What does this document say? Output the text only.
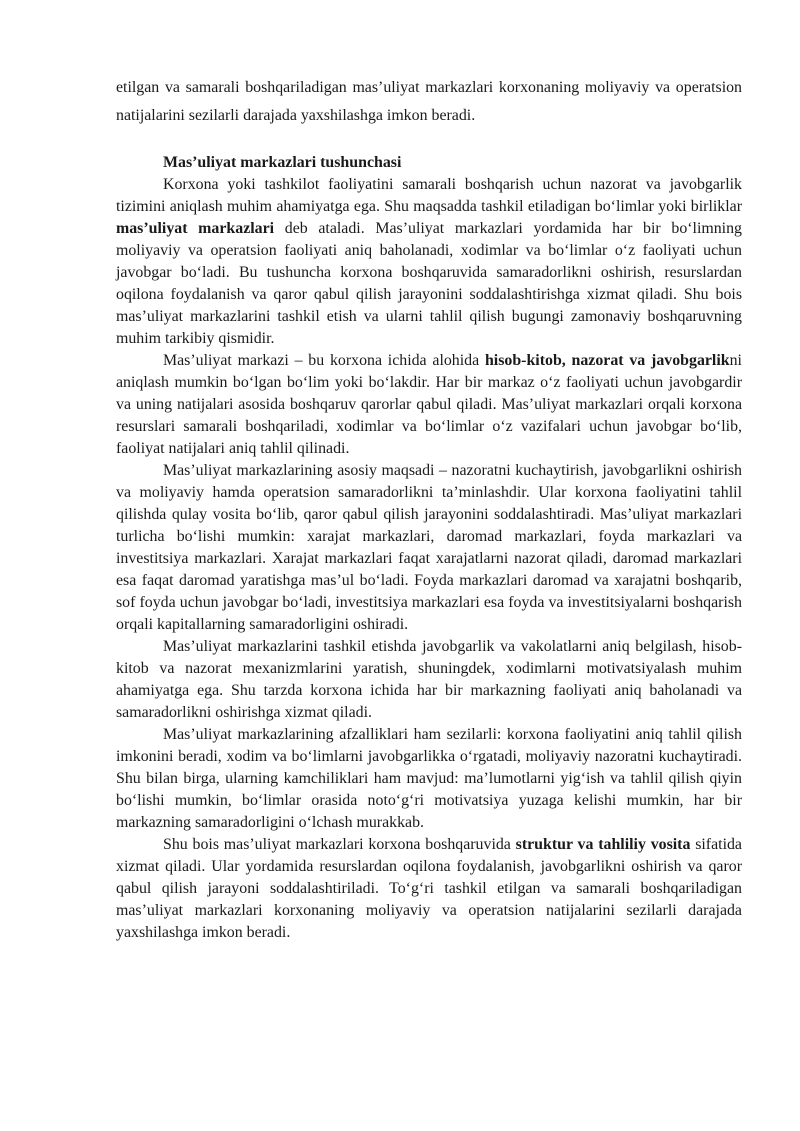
etilgan va samarali boshqariladigan mas’uliyat markazlari korxonaning moliyaviy va operatsion natijalarini sezilarli darajada yaxshilashga imkon beradi.

Mas’uliyat markazlari tushunchasi

Korxona yoki tashkilot faoliyatini samarali boshqarish uchun nazorat va javobgarlik tizimini aniqlash muhim ahamiyatga ega. Shu maqsadda tashkil etiladigan bo‘limlar yoki birliklar mas’uliyat markazlari deb ataladi. Mas’uliyat markazlari yordamida har bir bo‘limning moliyaviy va operatsion faoliyati aniq baholanadi, xodimlar va bo‘limlar o‘z faoliyati uchun javobgar bo‘ladi. Bu tushuncha korxona boshqaruvida samaradorlikni oshirish, resurslardan oqilona foydalanish va qaror qabul qilish jarayonini soddalashtirishga xizmat qiladi. Shu bois mas’uliyat markazlarini tashkil etish va ularni tahlil qilish bugungi zamonaviy boshqaruvning muhim tarkibiy qismidir.

Mas’uliyat markazi – bu korxona ichida alohida hisob-kitob, nazorat va javobgarlikni aniqlash mumkin bo‘lgan bo‘lim yoki bo‘lakdir. Har bir markaz o‘z faoliyati uchun javobgardir va uning natijalari asosida boshqaruv qarorlar qabul qiladi. Mas’uliyat markazlari orqali korxona resurslari samarali boshqariladi, xodimlar va bo‘limlar o‘z vazifalari uchun javobgar bo‘lib, faoliyat natijalari aniq tahlil qilinadi.

Mas’uliyat markazlarining asosiy maqsadi – nazoratni kuchaytirish, javobgarlikni oshirish va moliyaviy hamda operatsion samaradorlikni ta’minlashdir. Ular korxona faoliyatini tahlil qilishda qulay vosita bo‘lib, qaror qabul qilish jarayonini soddalashtiradi. Mas’uliyat markazlari turlicha bo‘lishi mumkin: xarajat markazlari, daromad markazlari, foyda markazlari va investitsiya markazlari. Xarajat markazlari faqat xarajatlarni nazorat qiladi, daromad markazlari esa faqat daromad yaratishga mas’ul bo‘ladi. Foyda markazlari daromad va xarajatni boshqarib, sof foyda uchun javobgar bo‘ladi, investitsiya markazlari esa foyda va investitsiyalarni boshqarish orqali kapitallarning samaradorligini oshiradi.

Mas’uliyat markazlarini tashkil etishda javobgarlik va vakolatlarni aniq belgilash, hisob-kitob va nazorat mexanizmlarini yaratish, shuningdek, xodimlarni motivatsiyalash muhim ahamiyatga ega. Shu tarzda korxona ichida har bir markazning faoliyati aniq baholanadi va samaradorlikni oshirishga xizmat qiladi.

Mas’uliyat markazlarining afzalliklari ham sezilarli: korxona faoliyatini aniq tahlil qilish imkonini beradi, xodim va bo‘limlarni javobgarlikka o‘rgatadi, moliyaviy nazoratni kuchaytiradi. Shu bilan birga, ularning kamchiliklari ham mavjud: ma’lumotlarni yig‘ish va tahlil qilish qiyin bo‘lishi mumkin, bo‘limlar orasida noto‘g‘ri motivatsiya yuzaga kelishi mumkin, har bir markazning samaradorligini o‘lchash murakkab.

Shu bois mas’uliyat markazlari korxona boshqaruvida struktur va tahliliy vosita sifatida xizmat qiladi. Ular yordamida resurslardan oqilona foydalanish, javobgarlikni oshirish va qaror qabul qilish jarayoni soddalashtiriladi. To‘g‘ri tashkil etilgan va samarali boshqariladigan mas’uliyat markazlari korxonaning moliyaviy va operatsion natijalarini sezilarli darajada yaxshilashga imkon beradi.
